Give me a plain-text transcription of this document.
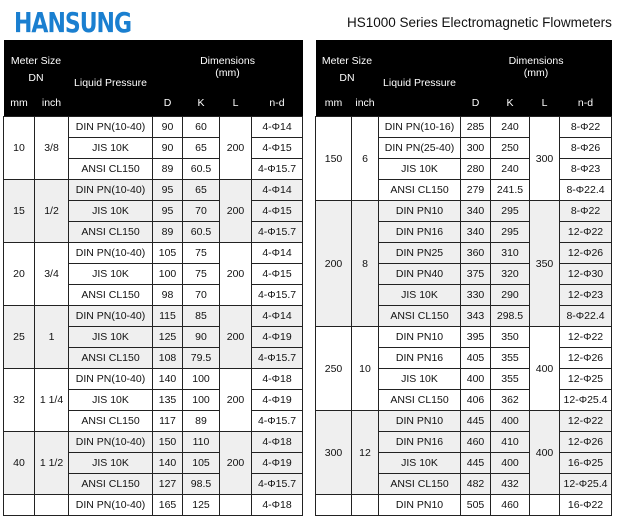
HANSUNG	HS1000 Series Electromagnetic Flowmeters
Meter Size		Liquid Pressure	Dimensions			
DN			(mm)			
mm	inch		D	K	L	n-d
10	3/8	DIN PN(10-40)	90	60	200	4-Φ14
		JIS 10K	90	65		4-Φ15
		ANSI CL150	89	60.5		4-Φ15.7
15	1/2	DIN PN(10-40)	95	65	200	4-Φ14
		JIS 10K	95	70		4-Φ15
		ANSI CL150	89	60.5		4-Φ15.7
20	3/4	DIN PN(10-40)	105	75	200	4-Φ14
		JIS 10K	100	75		4-Φ15
		ANSI CL150	98	70		4-Φ15.7
25	1	DIN PN(10-40)	115	85	200	4-Φ14
		JIS 10K	125	90		4-Φ19
		ANSI CL150	108	79.5		4-Φ15.7
32	1 1/4	DIN PN(10-40)	140	100	200	4-Φ18
		JIS 10K	135	100		4-Φ19
		ANSI CL150	117	89		4-Φ15.7
40	1 1/2	DIN PN(10-40)	150	110	200	4-Φ18
		JIS 10K	140	105		4-Φ19
		ANSI CL150	127	98.5		4-Φ15.7
		DIN PN(10-40)	165	125		4-Φ18
Meter Size		Liquid Pressure	Dimensions			
DN			(mm)			
mm	inch		D	K	L	n-d
150	6	DIN PN(10-16)	285	240	300	8-Φ22
		DIN PN(25-40)	300	250		8-Φ26
		JIS 10K	280	240		8-Φ23
		ANSI CL150	279	241.5		8-Φ22.4
200	8	DIN PN10	340	295	350	8-Φ22
		DIN PN16	340	295		12-Φ22
		DIN PN25	360	310		12-Φ26
		DIN PN40	375	320		12-Φ30
		JIS 10K	330	290		12-Φ23
		ANSI CL150	343	298.5		8-Φ22.4
250	10	DIN PN10	395	350	400	12-Φ22
		DIN PN16	405	355		12-Φ26
		JIS 10K	400	355		12-Φ25
		ANSI CL150	406	362		12-Φ25.4
300	12	DIN PN10	445	400	400	12-Φ22
		DIN PN16	460	410		12-Φ26
		JIS 10K	445	400		16-Φ25
		ANSI CL150	482	432		12-Φ25.4
		DIN PN10	505	460		16-Φ22
